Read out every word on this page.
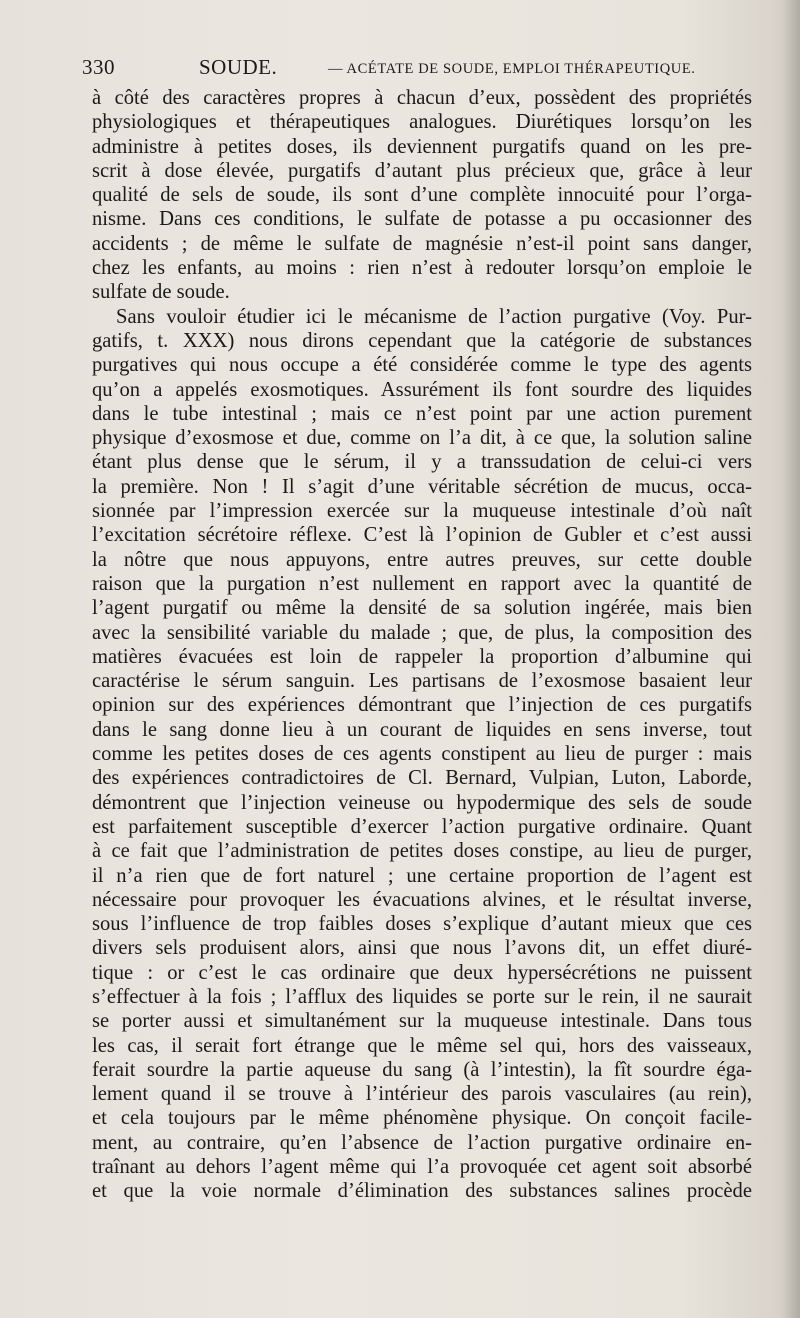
330	SOUDE.	— ACÉTATE DE SOUDE, EMPLOI THÉRAPEUTIQUE.
à côté des caractères propres à chacun d’eux, possèdent des propriétés
physiologiques et thérapeutiques analogues. Diurétiques lorsqu’on les
administre à petites doses, ils deviennent purgatifs quand on les pre-
scrit à dose élevée, purgatifs d’autant plus précieux que, grâce à leur
qualité de sels de soude, ils sont d’une complète innocuité pour l’orga-
nisme. Dans ces conditions, le sulfate de potasse a pu occasionner des
accidents ; de même le sulfate de magnésie n’est-il point sans danger,
chez les enfants, au moins : rien n’est à redouter lorsqu’on emploie le
sulfate de soude.
Sans vouloir étudier ici le mécanisme de l’action purgative (Voy. Pur-
gatifs, t. XXX) nous dirons cependant que la catégorie de substances
purgatives qui nous occupe a été considérée comme le type des agents
qu’on a appelés exosmotiques. Assurément ils font sourdre des liquides
dans le tube intestinal ; mais ce n’est point par une action purement
physique d’exosmose et due, comme on l’a dit, à ce que, la solution saline
étant plus dense que le sérum, il y a transsudation de celui-ci vers
la première. Non ! Il s’agit d’une véritable sécrétion de mucus, occa-
sionnée par l’impression exercée sur la muqueuse intestinale d’où naît
l’excitation sécrétoire réflexe. C’est là l’opinion de Gubler et c’est aussi
la nôtre que nous appuyons, entre autres preuves, sur cette double
raison que la purgation n’est nullement en rapport avec la quantité de
l’agent purgatif ou même la densité de sa solution ingérée, mais bien
avec la sensibilité variable du malade ; que, de plus, la composition des
matières évacuées est loin de rappeler la proportion d’albumine qui
caractérise le sérum sanguin. Les partisans de l’exosmose basaient leur
opinion sur des expériences démontrant que l’injection de ces purgatifs
dans le sang donne lieu à un courant de liquides en sens inverse, tout
comme les petites doses de ces agents constipent au lieu de purger : mais
des expériences contradictoires de Cl. Bernard, Vulpian, Luton, Laborde,
démontrent que l’injection veineuse ou hypodermique des sels de soude
est parfaitement susceptible d’exercer l’action purgative ordinaire. Quant
à ce fait que l’administration de petites doses constipe, au lieu de purger,
il n’a rien que de fort naturel ; une certaine proportion de l’agent est
nécessaire pour provoquer les évacuations alvines, et le résultat inverse,
sous l’influence de trop faibles doses s’explique d’autant mieux que ces
divers sels produisent alors, ainsi que nous l’avons dit, un effet diuré-
tique : or c’est le cas ordinaire que deux hypersécrétions ne puissent
s’effectuer à la fois ; l’afflux des liquides se porte sur le rein, il ne saurait
se porter aussi et simultanément sur la muqueuse intestinale. Dans tous
les cas, il serait fort étrange que le même sel qui, hors des vaisseaux,
ferait sourdre la partie aqueuse du sang (à l’intestin), la fît sourdre éga-
lement quand il se trouve à l’intérieur des parois vasculaires (au rein),
et cela toujours par le même phénomène physique. On conçoit facile-
ment, au contraire, qu’en l’absence de l’action purgative ordinaire en-
traînant au dehors l’agent même qui l’a provoquée cet agent soit absorbé
et que la voie normale d’élimination des substances salines procède
